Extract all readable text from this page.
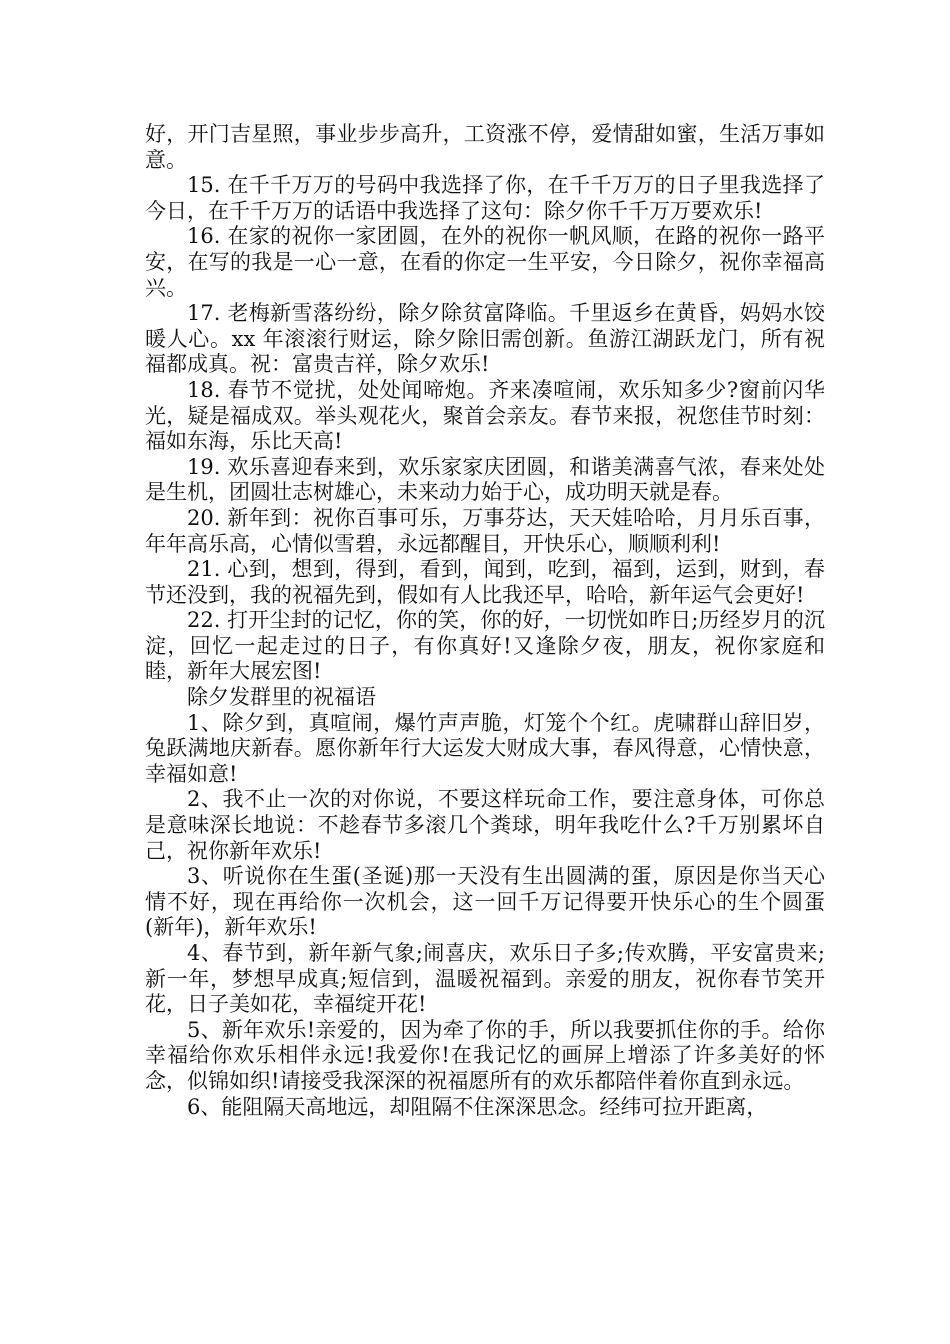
好，开门吉星照，事业步步高升，工资涨不停，爱情甜如蜜，生活万事如意。

15. 在千千万万的号码中我选择了你，在千千万万的日子里我选择了今日，在千千万万的话语中我选择了这句：除夕你千千万万要欢乐!

16. 在家的祝你一家团圆，在外的祝你一帆风顺，在路的祝你一路平安，在写的我是一心一意，在看的你定一生平安，今日除夕，祝你幸福高兴。

17. 老梅新雪落纷纷，除夕除贫富降临。千里返乡在黄昏，妈妈水饺暖人心。xx 年滚滚行财运，除夕除旧需创新。鱼游江湖跃龙门，所有祝福都成真。祝：富贵吉祥，除夕欢乐!

18. 春节不觉扰，处处闻啼炮。齐来凑喧闹，欢乐知多少?窗前闪华光，疑是福成双。举头观花火，聚首会亲友。春节来报，祝您佳节时刻：福如东海，乐比天高!

19. 欢乐喜迎春来到，欢乐家家庆团圆，和谐美满喜气浓，春来处处是生机，团圆壮志树雄心，未来动力始于心，成功明天就是春。

20. 新年到：祝你百事可乐，万事芬达，天天娃哈哈，月月乐百事，年年高乐高，心情似雪碧，永远都醒目，开快乐心，顺顺利利!

21. 心到，想到，得到，看到，闻到，吃到，福到，运到，财到，春节还没到，我的祝福先到，假如有人比我还早，哈哈，新年运气会更好!

22. 打开尘封的记忆，你的笑，你的好，一切恍如昨日;历经岁月的沉淀，回忆一起走过的日子，有你真好!又逢除夕夜，朋友，祝你家庭和睦，新年大展宏图!

除夕发群里的祝福语

1、除夕到，真喧闹，爆竹声声脆，灯笼个个红。虎啸群山辞旧岁，兔跃满地庆新春。愿你新年行大运发大财成大事，春风得意，心情快意，幸福如意!

2、我不止一次的对你说，不要这样玩命工作，要注意身体，可你总是意味深长地说：不趁春节多滚几个粪球，明年我吃什么?千万别累坏自己，祝你新年欢乐!

3、听说你在生蛋(圣诞)那一天没有生出圆满的蛋，原因是你当天心情不好，现在再给你一次机会，这一回千万记得要开快乐心的生个圆蛋(新年)，新年欢乐!

4、春节到，新年新气象;闹喜庆，欢乐日子多;传欢腾，平安富贵来;新一年，梦想早成真;短信到，温暖祝福到。亲爱的朋友，祝你春节笑开花，日子美如花，幸福绽开花!

5、新年欢乐!亲爱的，因为牵了你的手，所以我要抓住你的手。给你幸福给你欢乐相伴永远!我爱你!在我记忆的画屏上增添了许多美好的怀念，似锦如织!请接受我深深的祝福愿所有的欢乐都陪伴着你直到永远。

6、能阻隔天高地远，却阻隔不住深深思念。经纬可拉开距离，
